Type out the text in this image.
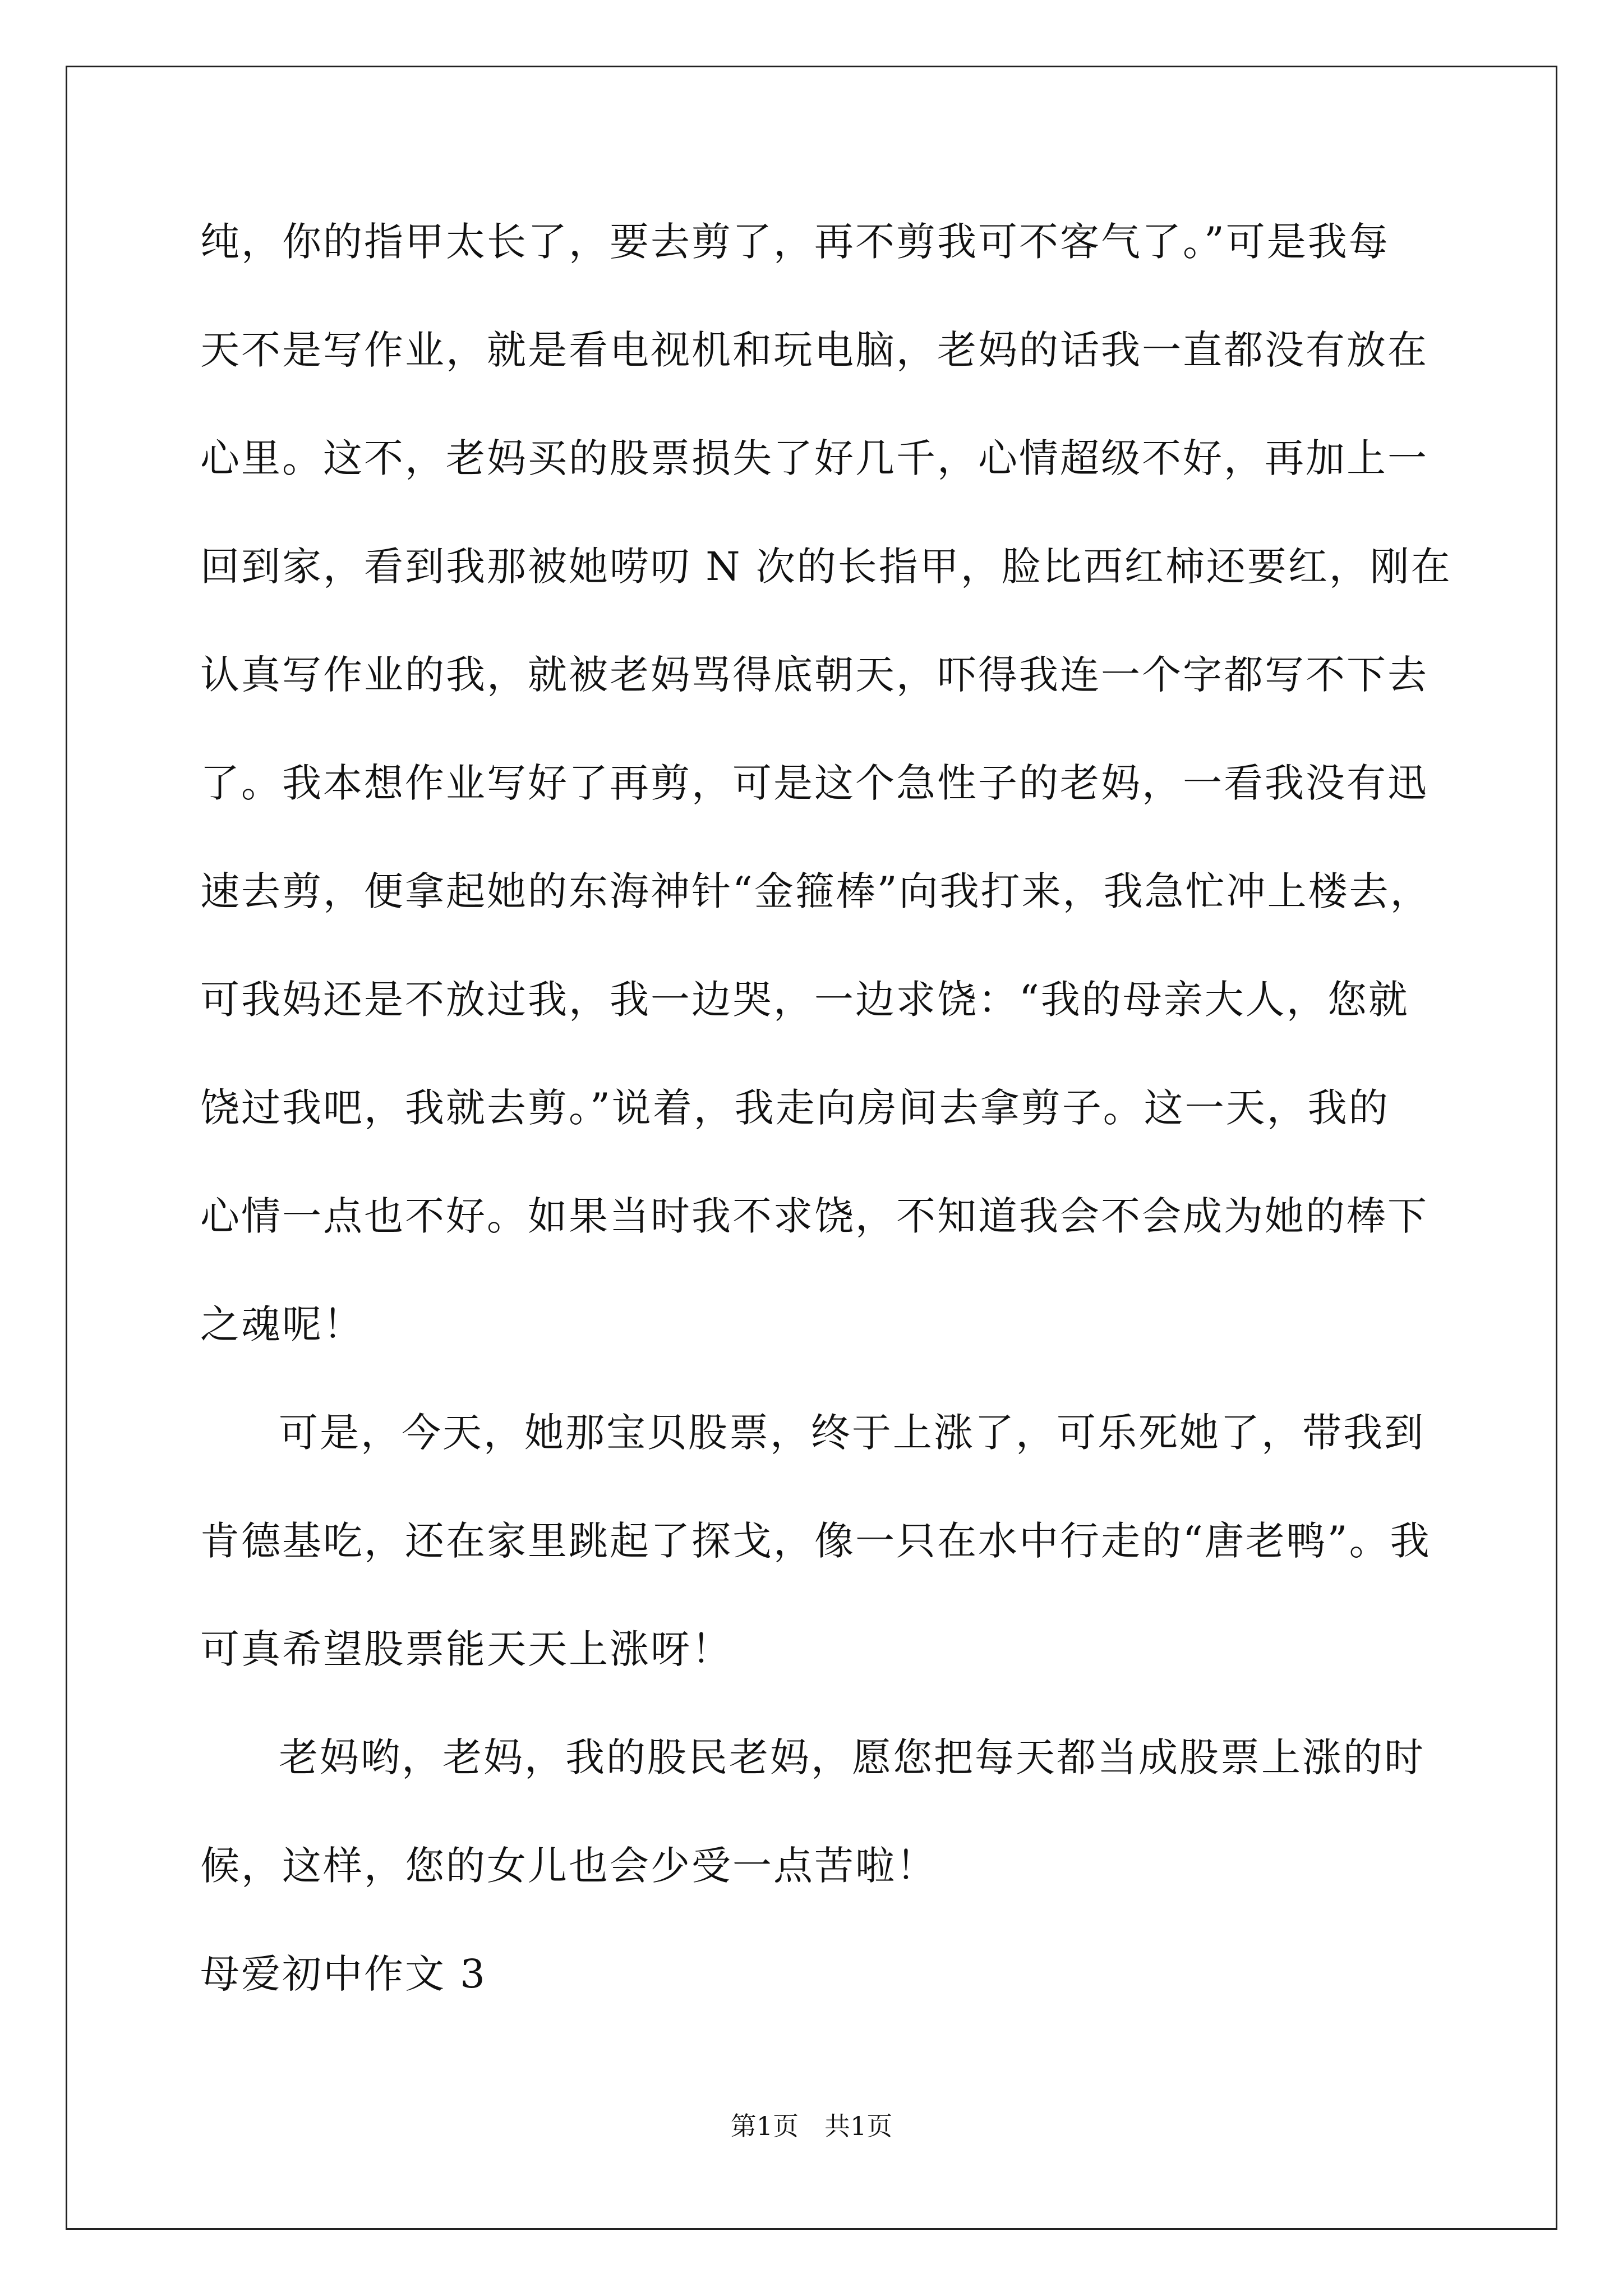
纯，你的指甲太长了，要去剪了，再不剪我可不客气了。”可是我每
天不是写作业，就是看电视机和玩电脑，老妈的话我一直都没有放在
心里。这不，老妈买的股票损失了好几千，心情超级不好，再加上一
回到家，看到我那被她唠叨 N 次的长指甲，脸比西红柿还要红，刚在
认真写作业的我，就被老妈骂得底朝天，吓得我连一个字都写不下去
了。我本想作业写好了再剪，可是这个急性子的老妈，一看我没有迅
速去剪，便拿起她的东海神针“金箍棒”向我打来，我急忙冲上楼去，
可我妈还是不放过我，我一边哭，一边求饶：“我的母亲大人，您就
饶过我吧，我就去剪。”说着，我走向房间去拿剪子。这一天，我的
心情一点也不好。如果当时我不求饶，不知道我会不会成为她的棒下
之魂呢！
可是，今天，她那宝贝股票，终于上涨了，可乐死她了，带我到
肯德基吃，还在家里跳起了探戈，像一只在水中行走的“唐老鸭”。我
可真希望股票能天天上涨呀！
老妈哟，老妈，我的股民老妈，愿您把每天都当成股票上涨的时
候，这样，您的女儿也会少受一点苦啦！
母爱初中作文 3
第1页　共1页
